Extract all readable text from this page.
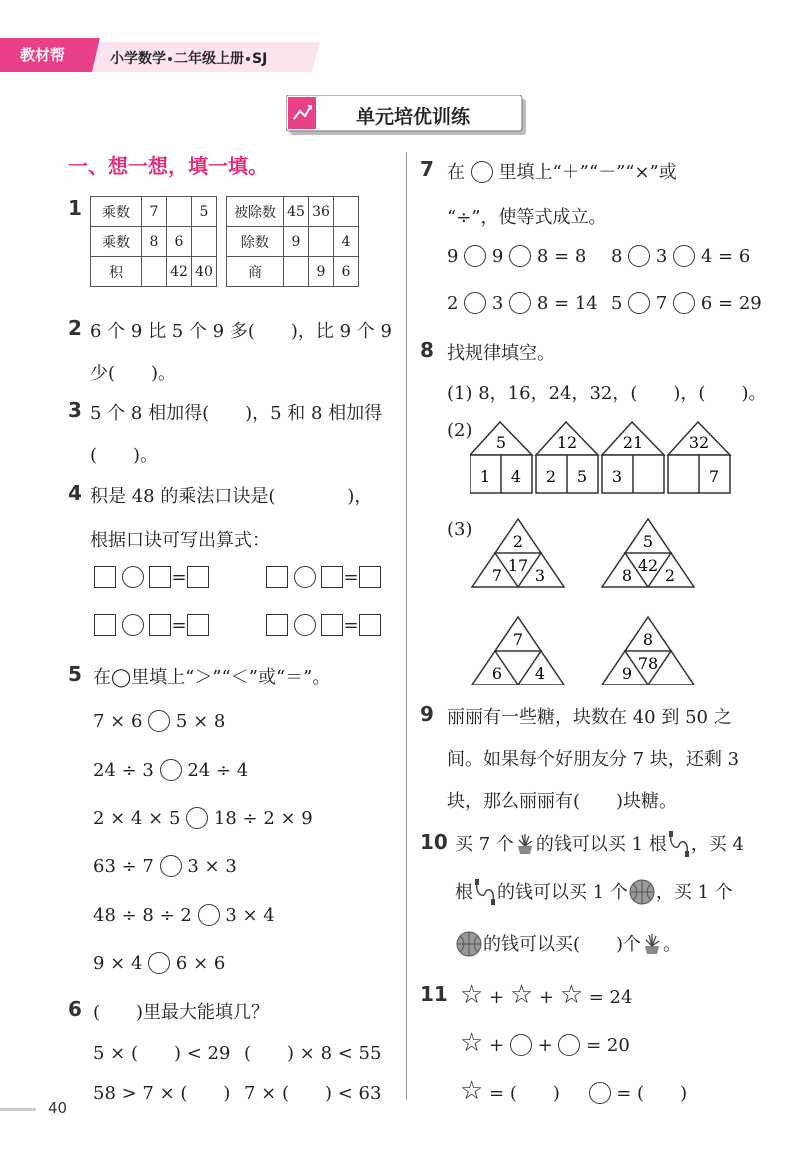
教材帮	小学数学 二年级上册 SJ
单元培优训练
一、想一想，填一填。
1 乘数	7		5
乘数	8	6	
积		42	40
被除数	45	36	
除数	9		4
商		9	6
2 6 个 9 比 5 个 9 多(　　)，比 9 个 9
少(　　)。
3 5 个 8 相加得(　　)，5 和 8 相加得
(　　)。
4 积是 48 的乘法口诀是(　　　　)，
根据口诀可写出算式：
=	=
=	=
5 在◯里填上“＞”“＜”或“＝”。
7 × 6 5 × 8
24 ÷ 3 24 ÷ 4
2 × 4 × 5 18 ÷ 2 × 9
63 ÷ 7 3 × 3
48 ÷ 8 ÷ 2 3 × 4
9 × 4 6 × 6
6 (　　)里最大能填几？
5 × (　　) < 29 (　　) × 8 < 55
58 > 7 × (　　) 7 × (　　) < 63
40
7 在 里填上“＋”“－”“×”或
“÷”，使等式成立。
9 9 8 = 8 8 3 4 = 6
2 3 8 = 14 5 7 6 = 29
8 找规律填空。
(1) 8，16，24，32，(　　)，(　　)。
(2)
(3)
5
1 4
12
2 5
21
3
32
7
2
17
7 3
5
42
8 2
7
6 4
8
78
9
9 丽丽有一些糖，块数在 40 到 50 之
间。如果每个好朋友分 7 块，还剩 3
块，那么丽丽有(　　)块糖。
10 买 7 个 的钱可以买 1 根 ，买 4
根 的钱可以买 1 个 ，买 1 个
的钱可以买(　　)个 。
11 ☆ + ☆ + ☆ = 24
☆ +  +  = 20
☆ = (　　)	= (　　)
